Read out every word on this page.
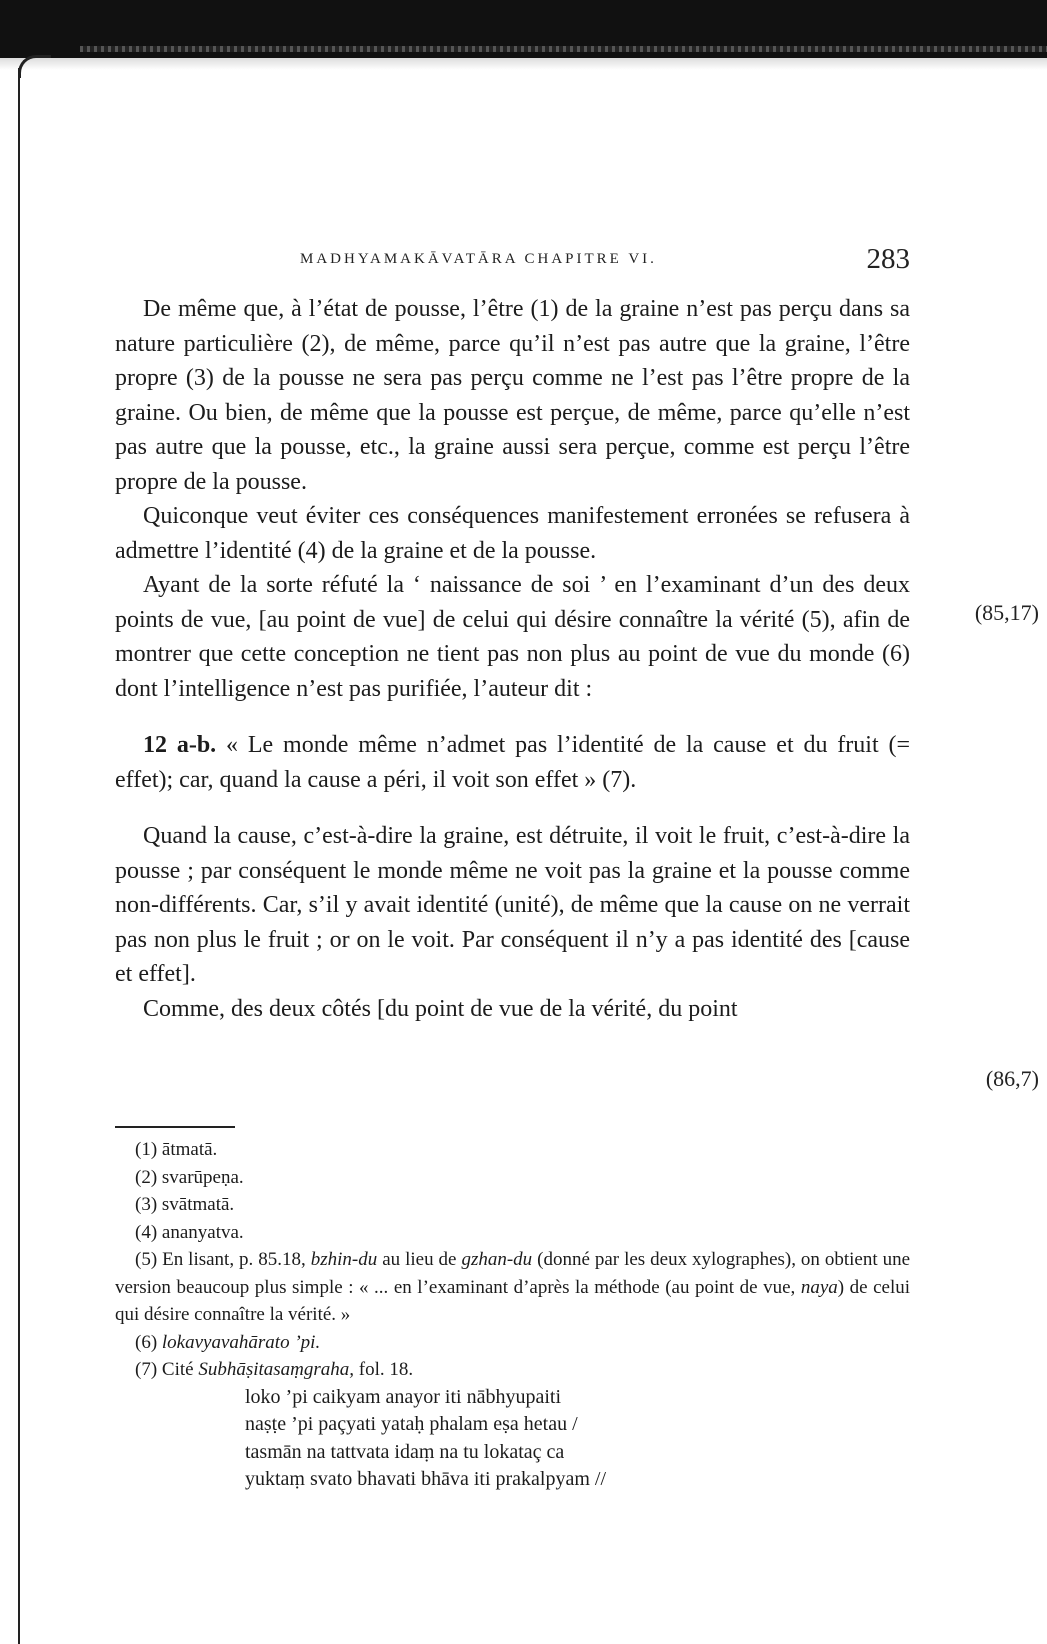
MADHYAMAKĀVATĀRA CHAPITRE VI.	283

De même que, à l’état de pousse, l’être (1) de la graine n’est pas perçu dans sa nature particulière (2), de même, parce qu’il n’est pas autre que la graine, l’être propre (3) de la pousse ne sera pas perçu comme ne l’est pas l’être propre de la graine. Ou bien, de même que la pousse est perçue, de même, parce qu’elle n’est pas autre que la pousse, etc., la graine aussi sera perçue, comme est perçu l’être propre de la pousse.

Quiconque veut éviter ces conséquences manifestement erronées se refusera à admettre l’identité (4) de la graine et de la pousse.

Ayant de la sorte réfuté la ‘ naissance de soi ’ en l’examinant d’un des deux points de vue, [au point de vue] de celui qui désire connaître la vérité (5), afin de montrer que cette conception ne tient pas non plus au point de vue du monde (6) dont l’intelligence n’est pas purifiée, l’auteur dit :

12 a-b. « Le monde même n’admet pas l’identité de la cause et du fruit (= effet); car, quand la cause a péri, il voit son effet » (7).

Quand la cause, c’est-à-dire la graine, est détruite, il voit le fruit, c’est-à-dire la pousse ; par conséquent le monde même ne voit pas la graine et la pousse comme non-différents. Car, s’il y avait identité (unité), de même que la cause on ne verrait pas non plus le fruit ; or on le voit. Par conséquent il n’y a pas identité des [cause et effet].

Comme, des deux côtés [du point de vue de la vérité, du point

(85,17)
(86,7)

(1) ātmatā.

(2) svarūpeṇa.

(3) svātmatā.

(4) ananyatva.

(5) En lisant, p. 85.18, bzhin-du au lieu de gzhan-du (donné par les deux xylographes), on obtient une version beaucoup plus simple : « ... en l’examinant d’après la méthode (au point de vue, naya) de celui qui désire connaître la vérité. »

(6) lokavyavahārato ’pi.

(7) Cité Subhāṣitasaṃgraha, fol. 18.

loko ’pi caikyam anayor iti nābhyupaiti

naṣṭe ’pi paçyati yataḥ phalam eṣa hetau /

tasmān na tattvata idaṃ na tu lokataç ca

yuktaṃ svato bhavati bhāva iti prakalpyam //
